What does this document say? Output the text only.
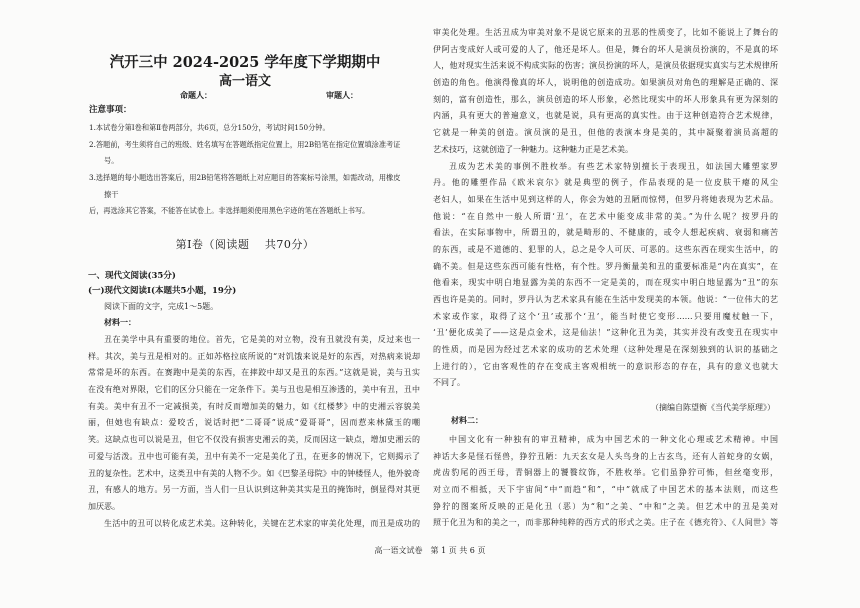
汽开三中 2024-2025 学年度下学期期中
高一语文
命题人：	审题人：
注意事项：
1.本试卷分第Ⅰ卷和第Ⅱ卷两部分，共6页，总分150分，考试时间150分钟。
2.答题前，考生须将自己的班级、姓名填写在答题纸指定位置上，用2B铅笔在指定位置填涂准考证
号。
3.选择题的每小题选出答案后，用2B铅笔将答题纸上对应题目的答案标号涂黑，如需改动，用橡皮
擦干
后，再选涂其它答案，不能答在试卷上。非选择题须使用黑色字迹的笔在答题纸上书写。
第Ⅰ卷（阅读题　 共70分）
一、现代文阅读(35分)
(一)现代文阅读Ⅰ(本题共5小题，19分)
阅读下面的文字，完成1～5题。
材料一：
丑在美学中具有重要的地位。首先，它是美的对立物，没有丑就没有美，反过来也一
样。其次，美与丑是相对的。正如苏格拉底所说的“对饥饿来说是好的东西，对热病来说却
常常是坏的东西。在赛跑中是美的东西，在摔跤中却又是丑的东西。”这就是说，美与丑实
在没有绝对界限，它们的区分只能在一定条件下。美与丑也是相互渗透的，美中有丑，丑中
有美。美中有丑不一定减损美，有时反而增加美的魅力，如《红楼梦》中的史湘云容貌美
丽，但她也有缺点：爱咬舌，说话时把“二哥哥”说成“爱哥哥”，因而惹来林黛玉的嘲
笑。这缺点也可以说是丑，但它不仅没有损害史湘云的美，反而因这一缺点，增加史湘云的
可爱与活泼。丑中也可能有美，丑中有美不一定是美化了丑，在更多的情况下，它则揭示了
丑的复杂性。艺术中，这类丑中有美的人物不少。如《巴黎圣母院》中的钟楼怪人，他外貌奇
丑，有感人的地方。另一方面，当人们一旦认识到这种美其实是丑的掩饰时，倒显得对其更
加厌恶。
生活中的丑可以转化成艺术美。这种转化，关键在艺术家的审美化处理，而丑是成功的
审美化处理。生活丑成为审美对象不是说它原来的丑恶的性质变了，比如不能说上了舞台的
伊阿古变成好人或可爱的人了，他还是坏人。但是，舞台的坏人是演员扮演的，不是真的坏
人，他对现实生活来说不构成实际的伤害；演员扮演的坏人，是演员依据现实真实与艺术规律所
创造的角色。他演得像真的坏人，说明他的创造成功。如果演员对角色的理解是正确的、深
刻的，富有创造性，那么，演员创造的坏人形象，必然比现实中的坏人形象具有更为深刻的
内涵，具有更大的普遍意义，也就是说，具有更高的真实性。由于这种创造符合艺术规律，
它就是一种美的创造。演员演的是丑，但他的表演本身是美的，其中凝聚着演员高超的
艺术技巧，这就创造了一种魅力。这种魅力正是艺术美。
丑成为艺术美的事例不胜枚举。有些艺术家特别擅长于表现丑，如法国大雕塑家罗
丹。他的雕塑作品《欧米哀尔》就是典型的例子，作品表现的是一位皮肤干瘪的风尘
老妇人，如果在生活中见到这样的人，你会为她的丑陋而惊愕，但罗丹将她表现为艺术品。
他说：“在自然中一般人所谓‘丑’，在艺术中能变成非常的美。”为什么呢？按罗丹的
看法，在实际事物中，所谓丑的，就是畸形的、不健康的，或令人想起疾病、衰弱和痛苦
的东西，或是不道德的、犯罪的人，总之是令人可厌、可恶的。这些东西在现实生活中，的
确不美。但是这些东西可能有性格，有个性。罗丹衡量美和丑的重要标准是“内在真实”，在
他看来，现实中明白地显露为美的东西不一定是美的，而在现实中明白地显露为“丑”的东
西也许是美的。同时，罗丹认为艺术家具有能在生活中发现美的本领。他说：“一位伟大的艺
术家或作家，取得了这个‘丑’或那个‘丑’，能当时使它变形……只要用魔杖触一下，
‘丑’便化成美了——这是点金术，这是仙法！”这种化丑为美，其实并没有改变丑在现实中
的性质，而是因为经过艺术家的成功的艺术处理（这种处理是在深刻独到的认识的基础之
上进行的），它由客观性的存在变成主客观相统一的意识形态的存在，具有的意义也就大
不同了。
（摘编自陈望衡《当代美学原理》）
材料二：
中国文化有一种独有的审丑精神，成为中国艺术的一种文化心理或艺术精神。中国
神话大多是怪石怪兽，狰狞丑陋：九天玄女是人头鸟身的上古玄鸟，还有人首蛇身的女娲，
虎齿豹尾的西王母，青铜器上的饕餮纹饰，不胜枚举。它们虽狰狞可怖，但丝毫变形，
对立而不相抵，天下宇宙间“中”而趋“和”，“中”就成了中国艺术的基本法则，而这些
狰狞的图案所反映的正是化丑（恶）为“和”之美、“中和”之美。但艺术中的丑是美对
照于化丑为和的美之一，而非那种纯粹的西方式的形式之美。庄子在《德充符》、《人间世》等
高一语文试卷　第 1 页 共 6 页
